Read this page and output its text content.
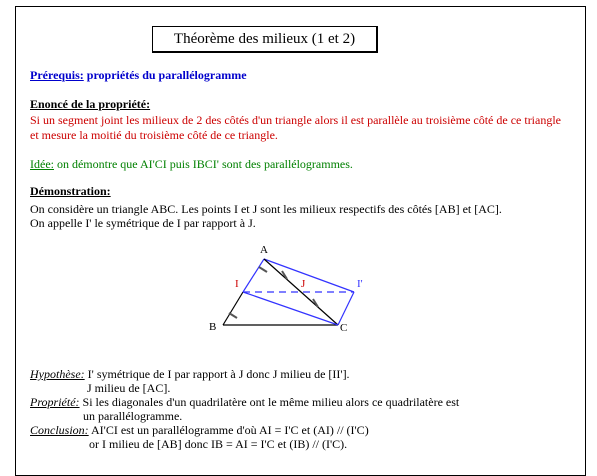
Théorème des milieux (1 et 2)
Prérequis: propriétés du parallélogramme
Enoncé de la propriété:
Si un segment joint les milieux de 2 des côtés d'un triangle alors il est parallèle au troisième côté de ce triangle
et mesure la moitié du troisième côté de ce triangle.
Idée: on démontre que AI'CI puis IBCI' sont des parallélogrammes.
Démonstration:
On considère un triangle ABC. Les points I et J sont les milieux respectifs des côtés [AB] et [AC].
On appelle I' le symétrique de I par rapport à J.
A
B	C
I	J	I'
Hypothèse: I' symétrique de I par rapport à J donc J milieu de [II'].
J milieu de [AC].
Propriété: Si les diagonales d'un quadrilatère ont le même milieu alors ce quadrilatère est
un parallélogramme.
Conclusion: AI'CI est un parallélogramme d'où AI = I'C et (AI) // (I'C)
or I milieu de [AB] donc IB = AI = I'C et (IB) // (I'C).
